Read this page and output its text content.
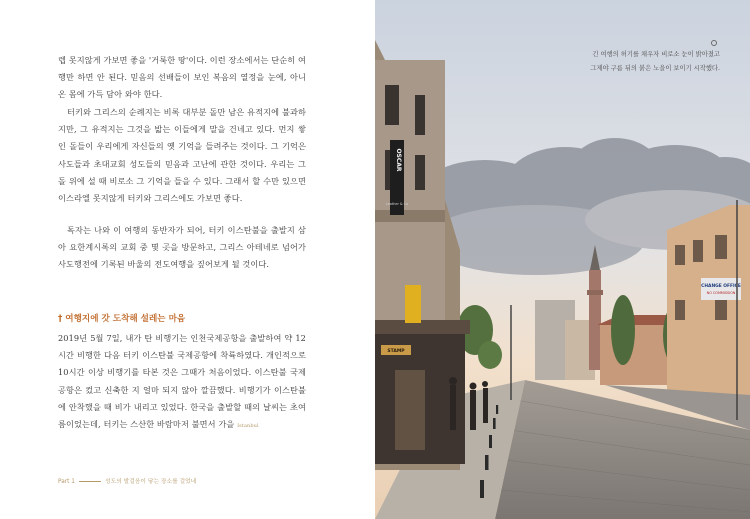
렙 못지않게 가보면 좋을 '거룩한 땅'이다. 이런 장소에서는 단순히 여행만 하면 안 된다. 믿음의 선배들이 보인 복음의 열정을 눈에, 아니 온 몸에 가득 담아 와야 한다.

터키와 그리스의 순례지는 비록 대부분 돌만 남은 유적지에 불과하지만, 그 유적지는 그것을 밟는 이들에게 말을 건네고 있다. 먼지 쌓인 돌들이 우리에게 자신들의 옛 기억을 들려주는 것이다. 그 기억은 사도들과 초대교회 성도들의 믿음과 고난에 관한 것이다. 우리는 그 돌 위에 설 때 비로소 그 기억을 들을 수 있다. 그래서 할 수만 있으면 이스라엘 못지않게 터키와 그리스에도 가보면 좋다.

독자는 나와 이 여행의 동반자가 되어, 터키 이스탄불을 출발지 삼아 요한계시록의 교회 중 몇 곳을 방문하고, 그리스 아테네로 넘어가 사도행전에 기록된 바울의 전도여행을 짚어보게 될 것이다.

† 여행지에 갓 도착해 설레는 마음

2019년 5월 7일, 내가 탄 비행기는 인천국제공항을 출발하여 약 12시간 비행한 다음 터키 이스탄불 국제공항에 착륙하였다. 개인적으로 10시간 이상 비행기를 타본 것은 그때가 처음이었다. 이스탄불 국제공항은 컸고 신축한 지 얼마 되지 않아 깔끔했다. 비행기가 이스탄불에 안착했을 때 비가 내리고 있었다. 한국을 출발할 때의 날씨는 초여름이었는데, 터키는 스산한 바람마저 불면서 가을 Istanbul

Part 1	성도의 발걸음이 닿는 장소를 걸었네
CHANGE OFFICE
NO COMMISSION
OSCAR
Leather & Co
STAMP
긴 여행의 허기를 채우자 비로소 눈이 밝아졌고
그제야 구름 뒤의 붉은 노을이 보이기 시작했다.
